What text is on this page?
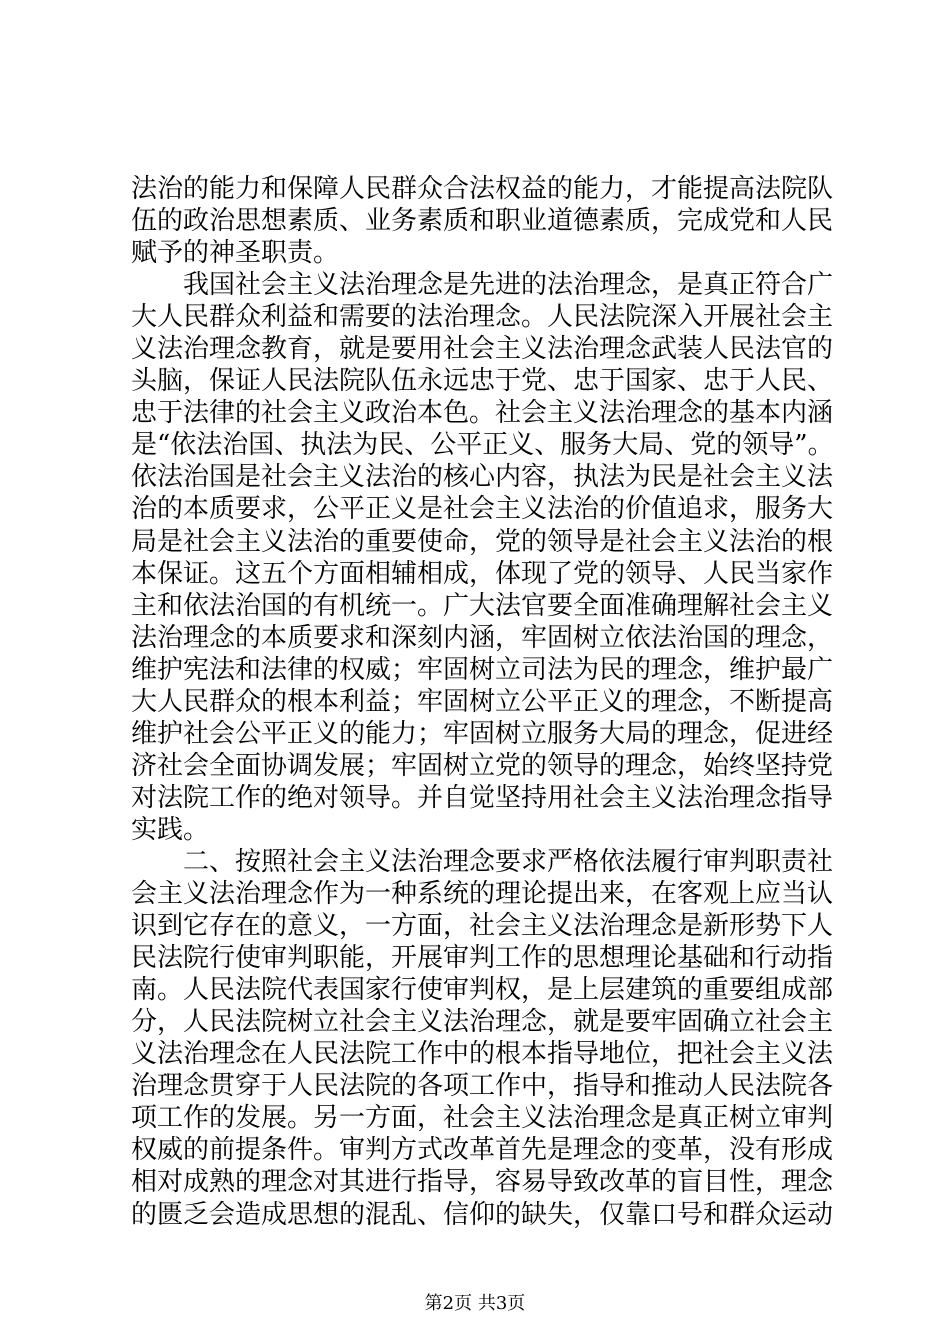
法治的能力和保障人民群众合法权益的能力，才能提高法院队
伍的政治思想素质、业务素质和职业道德素质，完成党和人民
赋予的神圣职责。
　　我国社会主义法治理念是先进的法治理念，是真正符合广
大人民群众利益和需要的法治理念。人民法院深入开展社会主
义法治理念教育，就是要用社会主义法治理念武装人民法官的
头脑，保证人民法院队伍永远忠于党、忠于国家、忠于人民、
忠于法律的社会主义政治本色。社会主义法治理念的基本内涵
是“依法治国、执法为民、公平正义、服务大局、党的领导”。
依法治国是社会主义法治的核心内容，执法为民是社会主义法
治的本质要求，公平正义是社会主义法治的价值追求，服务大
局是社会主义法治的重要使命，党的领导是社会主义法治的根
本保证。这五个方面相辅相成，体现了党的领导、人民当家作
主和依法治国的有机统一。广大法官要全面准确理解社会主义
法治理念的本质要求和深刻内涵，牢固树立依法治国的理念，
维护宪法和法律的权威；牢固树立司法为民的理念，维护最广
大人民群众的根本利益；牢固树立公平正义的理念，不断提高
维护社会公平正义的能力；牢固树立服务大局的理念，促进经
济社会全面协调发展；牢固树立党的领导的理念，始终坚持党
对法院工作的绝对领导。并自觉坚持用社会主义法治理念指导
实践。
　　二、按照社会主义法治理念要求严格依法履行审判职责社
会主义法治理念作为一种系统的理论提出来，在客观上应当认
识到它存在的意义，一方面，社会主义法治理念是新形势下人
民法院行使审判职能，开展审判工作的思想理论基础和行动指
南。人民法院代表国家行使审判权，是上层建筑的重要组成部
分，人民法院树立社会主义法治理念，就是要牢固确立社会主
义法治理念在人民法院工作中的根本指导地位，把社会主义法
治理念贯穿于人民法院的各项工作中，指导和推动人民法院各
项工作的发展。另一方面，社会主义法治理念是真正树立审判
权威的前提条件。审判方式改革首先是理念的变革，没有形成
相对成熟的理念对其进行指导，容易导致改革的盲目性，理念
的匮乏会造成思想的混乱、信仰的缺失，仅靠口号和群众运动
第2页 共3页
